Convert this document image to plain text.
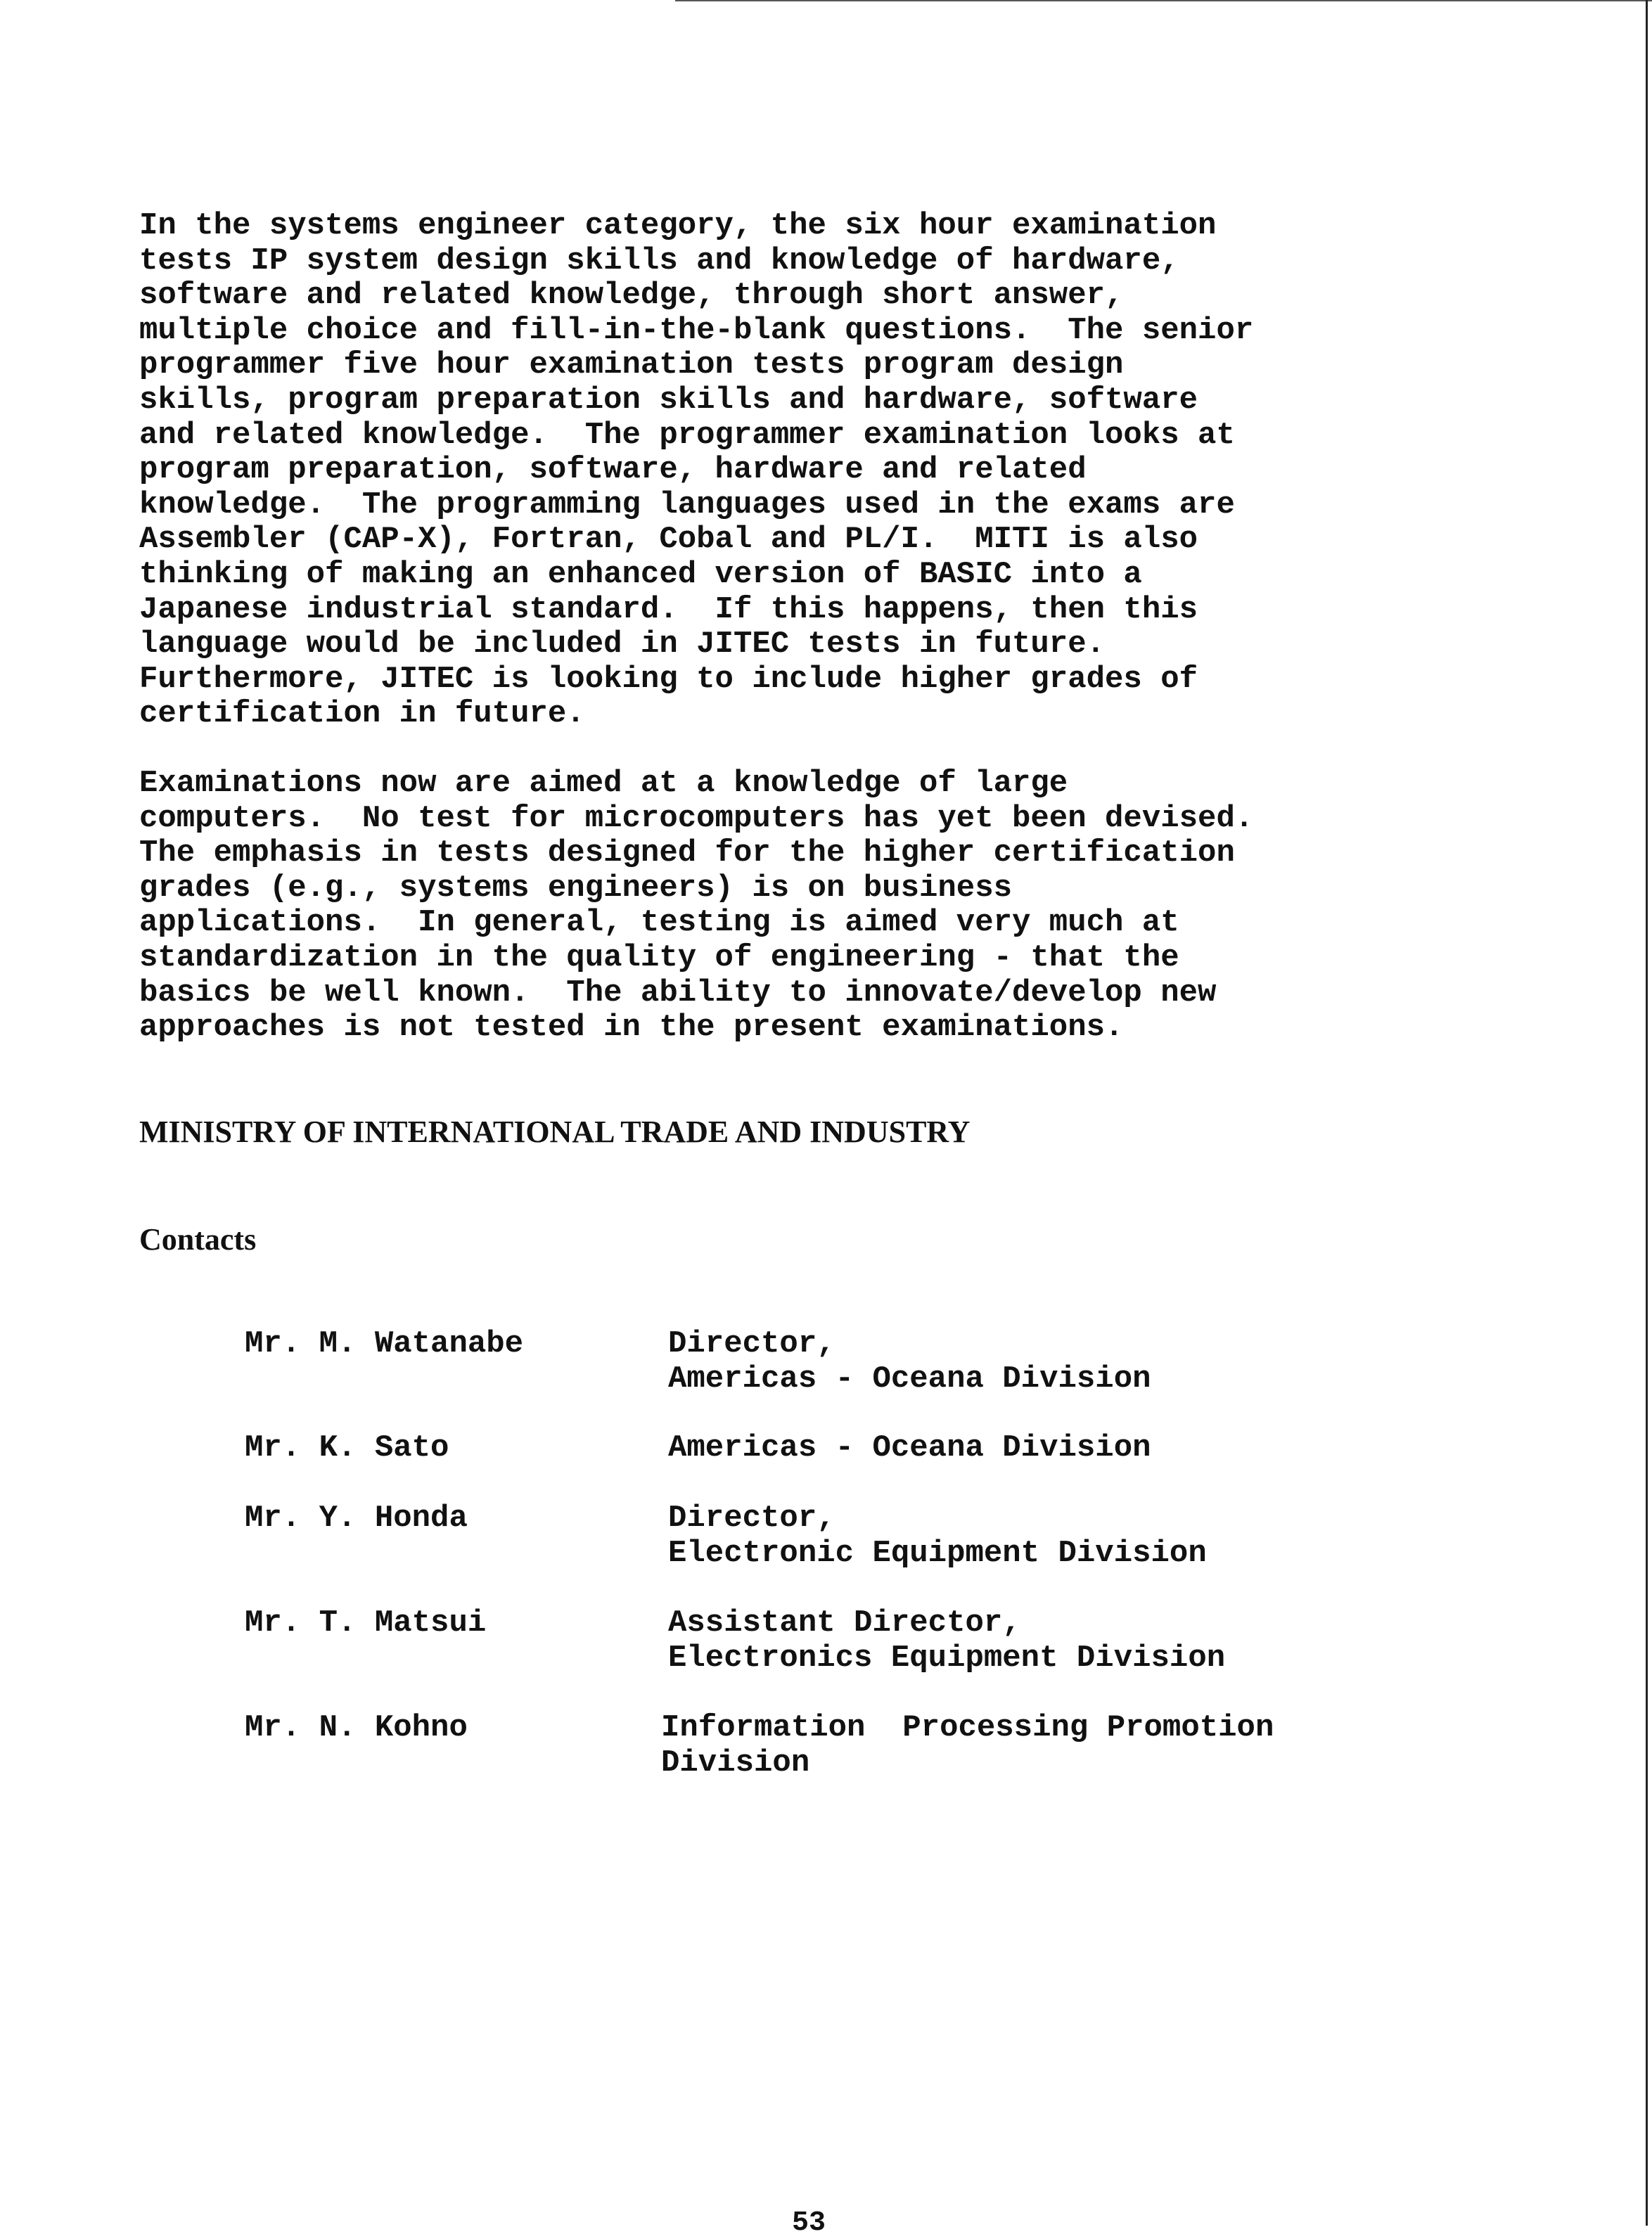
In the systems engineer category, the six hour examination
tests IP system design skills and knowledge of hardware,
software and related knowledge, through short answer,
multiple choice and fill-in-the-blank questions.  The senior
programmer five hour examination tests program design
skills, program preparation skills and hardware, software
and related knowledge.  The programmer examination looks at
program preparation, software, hardware and related
knowledge.  The programming languages used in the exams are
Assembler (CAP-X), Fortran, Cobal and PL/I.  MITI is also
thinking of making an enhanced version of BASIC into a
Japanese industrial standard.  If this happens, then this
language would be included in JITEC tests in future.
Furthermore, JITEC is looking to include higher grades of
certification in future.

Examinations now are aimed at a knowledge of large
computers.  No test for microcomputers has yet been devised.
The emphasis in tests designed for the higher certification
grades (e.g., systems engineers) is on business
applications.  In general, testing is aimed very much at
standardization in the quality of engineering - that the
basics be well known.  The ability to innovate/develop new
approaches is not tested in the present examinations.

MINISTRY OF INTERNATIONAL TRADE AND INDUSTRY
Contacts
Mr. M. Watanabe	Director,
Americas - Oceana Division
Mr. K. Sato	Americas - Oceana Division
Mr. Y. Honda	Director,
Electronic Equipment Division
Mr. T. Matsui	Assistant Director,
Electronics Equipment Division
Mr. N. Kohno	Information  Processing Promotion
Division
53
